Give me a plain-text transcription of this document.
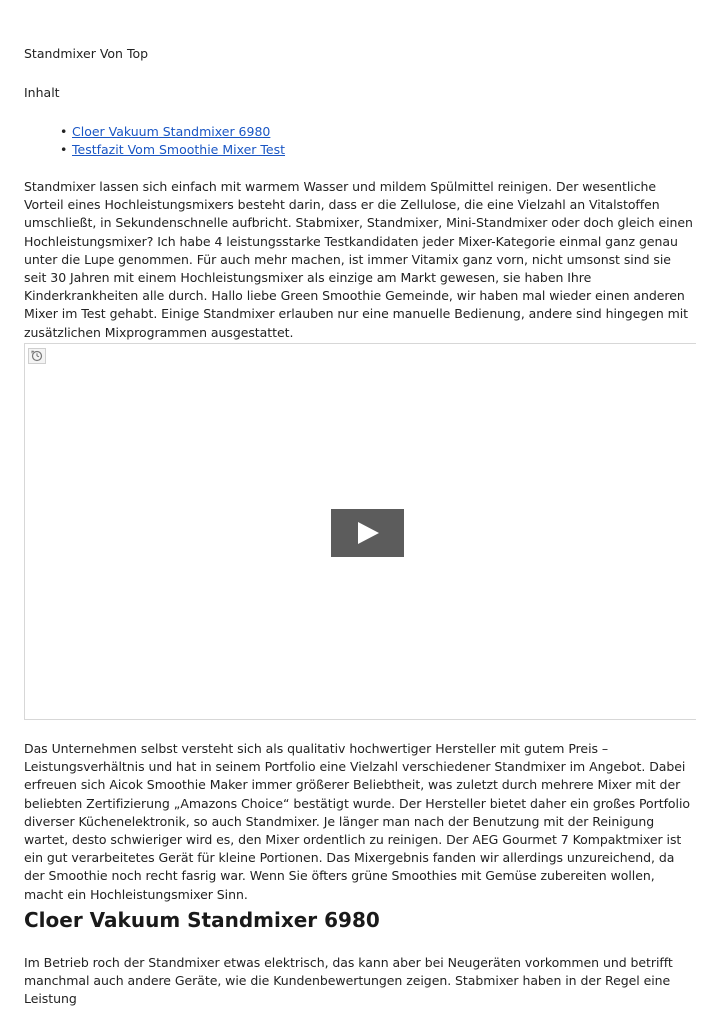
Standmixer Von Top
Inhalt
• Cloer Vakuum Standmixer 6980
• Testfazit Vom Smoothie Mixer Test

Standmixer lassen sich einfach mit warmem Wasser und mildem Spülmittel reinigen. Der wesentliche Vorteil eines Hochleistungsmixers besteht darin, dass er die Zellulose, die eine Vielzahl an Vitalstoffen umschließt, in Sekundenschnelle aufbricht. Stabmixer, Standmixer, Mini-Standmixer oder doch gleich einen Hochleistungsmixer? Ich habe 4 leistungsstarke Testkandidaten jeder Mixer-Kategorie einmal ganz genau unter die Lupe genommen. Für auch mehr machen, ist immer Vitamix ganz vorn, nicht umsonst sind sie seit 30 Jahren mit einem Hochleistungsmixer als einzige am Markt gewesen, sie haben Ihre Kinderkrankheiten alle durch. Hallo liebe Green Smoothie Gemeinde, wir haben mal wieder einen anderen Mixer im Test gehabt. Einige Standmixer erlauben nur eine manuelle Bedienung, andere sind hingegen mit zusätzlichen Mixprogrammen ausgestattet.

Das Unternehmen selbst versteht sich als qualitativ hochwertiger Hersteller mit gutem Preis – Leistungsverhältnis und hat in seinem Portfolio eine Vielzahl verschiedener Standmixer im Angebot. Dabei erfreuen sich Aicok Smoothie Maker immer größerer Beliebtheit, was zuletzt durch mehrere Mixer mit der beliebten Zertifizierung „Amazons Choice“ bestätigt wurde. Der Hersteller bietet daher ein großes Portfolio diverser Küchenelektronik, so auch Standmixer. Je länger man nach der Benutzung mit der Reinigung wartet, desto schwieriger wird es, den Mixer ordentlich zu reinigen. Der AEG Gourmet 7 Kompaktmixer ist ein gut verarbeitetes Gerät für kleine Portionen. Das Mixergebnis fanden wir allerdings unzureichend, da der Smoothie noch recht fasrig war. Wenn Sie öfters grüne Smoothies mit Gemüse zubereiten wollen, macht ein Hochleistungsmixer Sinn.

Cloer Vakuum Standmixer 6980

Im Betrieb roch der Standmixer etwas elektrisch, das kann aber bei Neugeräten vorkommen und betrifft manchmal auch andere Geräte, wie die Kundenbewertungen zeigen. Stabmixer haben in der Regel eine Leistung
